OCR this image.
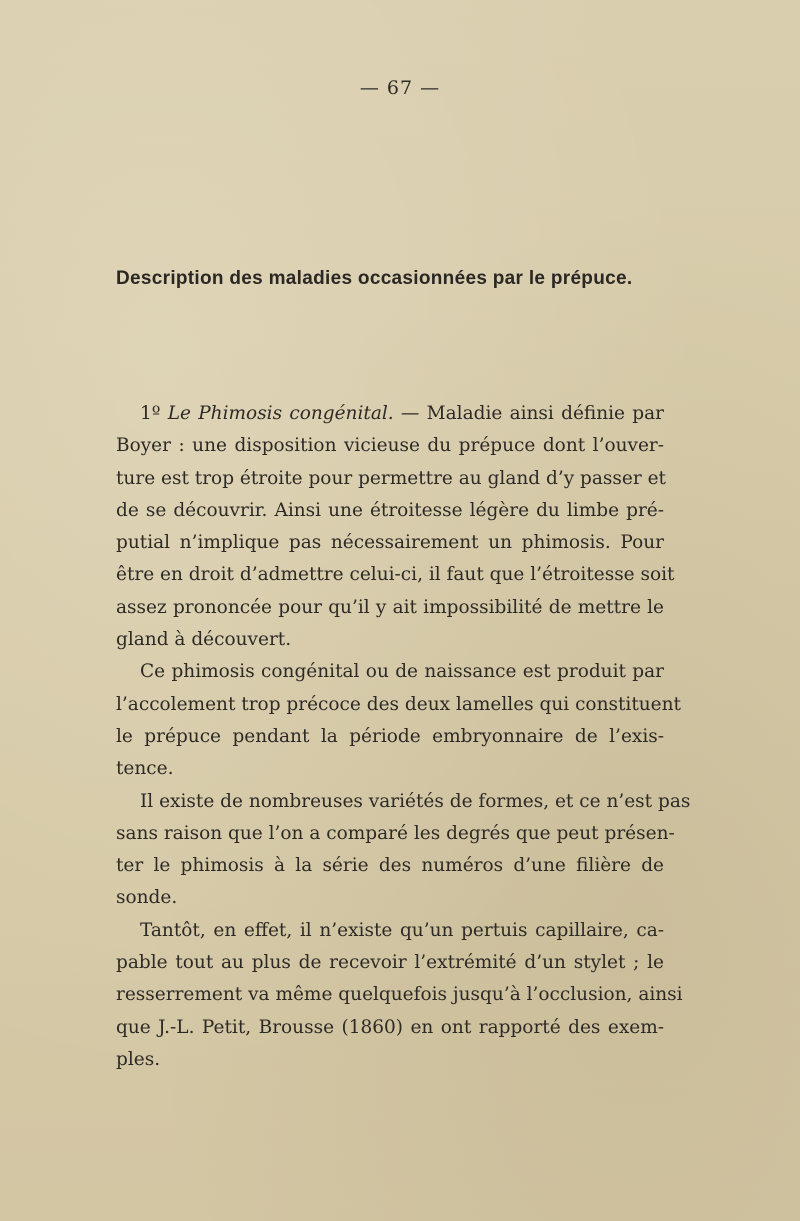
— 67 —
Description des maladies occasionnées par le prépuce.
1º Le Phimosis congénital. — Maladie ainsi définie par
Boyer : une disposition vicieuse du prépuce dont l’ouver-
ture est trop étroite pour permettre au gland d’y passer et
de se découvrir. Ainsi une étroitesse légère du limbe pré-
putial n’implique pas nécessairement un phimosis. Pour
être en droit d’admettre celui-ci, il faut que l’étroitesse soit
assez prononcée pour qu’il y ait impossibilité de mettre le
gland à découvert.
Ce phimosis congénital ou de naissance est produit par
l’accolement trop précoce des deux lamelles qui constituent
le prépuce pendant la période embryonnaire de l’exis-
tence.
Il existe de nombreuses variétés de formes, et ce n’est pas
sans raison que l’on a comparé les degrés que peut présen-
ter le phimosis à la série des numéros d’une filière de
sonde.
Tantôt, en effet, il n’existe qu’un pertuis capillaire, ca-
pable tout au plus de recevoir l’extrémité d’un stylet ; le
resserrement va même quelquefois jusqu’à l’occlusion, ainsi
que J.-L. Petit, Brousse (1860) en ont rapporté des exem-
ples.
